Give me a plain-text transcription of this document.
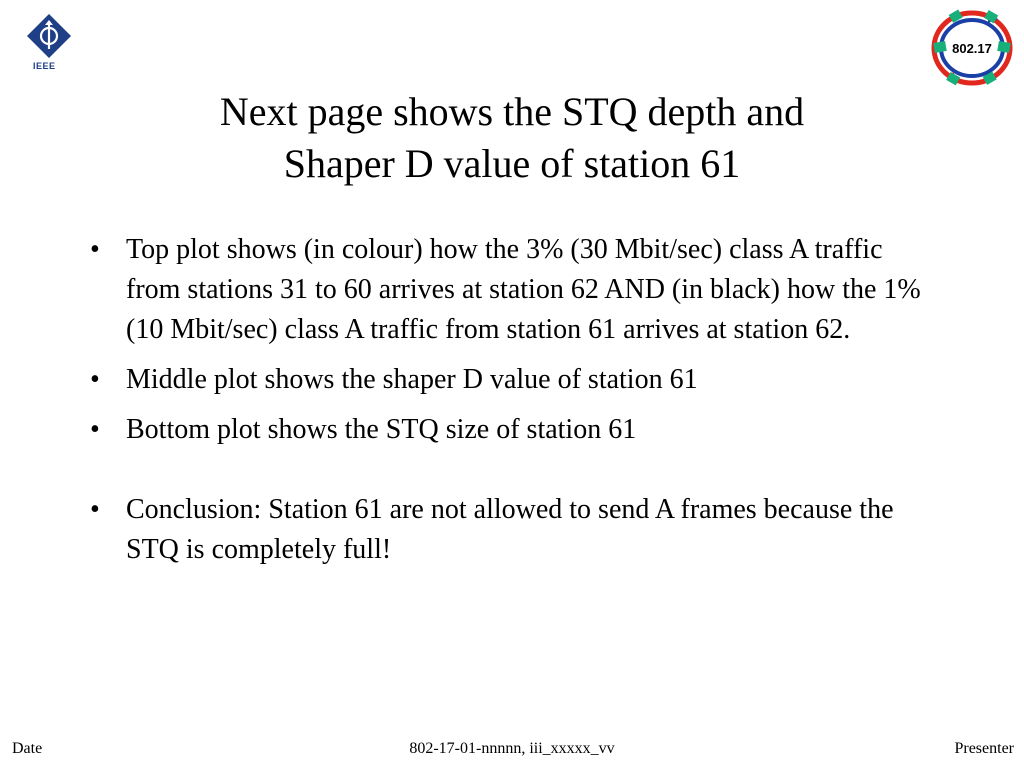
IEEE
802.17
Next page shows the STQ depth and
Shaper D value of station 61
• Top plot shows (in colour) how the 3% (30 Mbit/sec) class A traffic from stations 31 to 60 arrives at station 62 AND (in black) how the 1% (10 Mbit/sec) class A traffic from station 61 arrives at station 62.
• Middle plot shows the shaper D value of station 61
• Bottom plot shows the STQ size of station 61
• Conclusion: Station 61 are not allowed to send A frames because the STQ is completely full!
Date	802-17-01-nnnnn, iii_xxxxx_vv	Presenter
